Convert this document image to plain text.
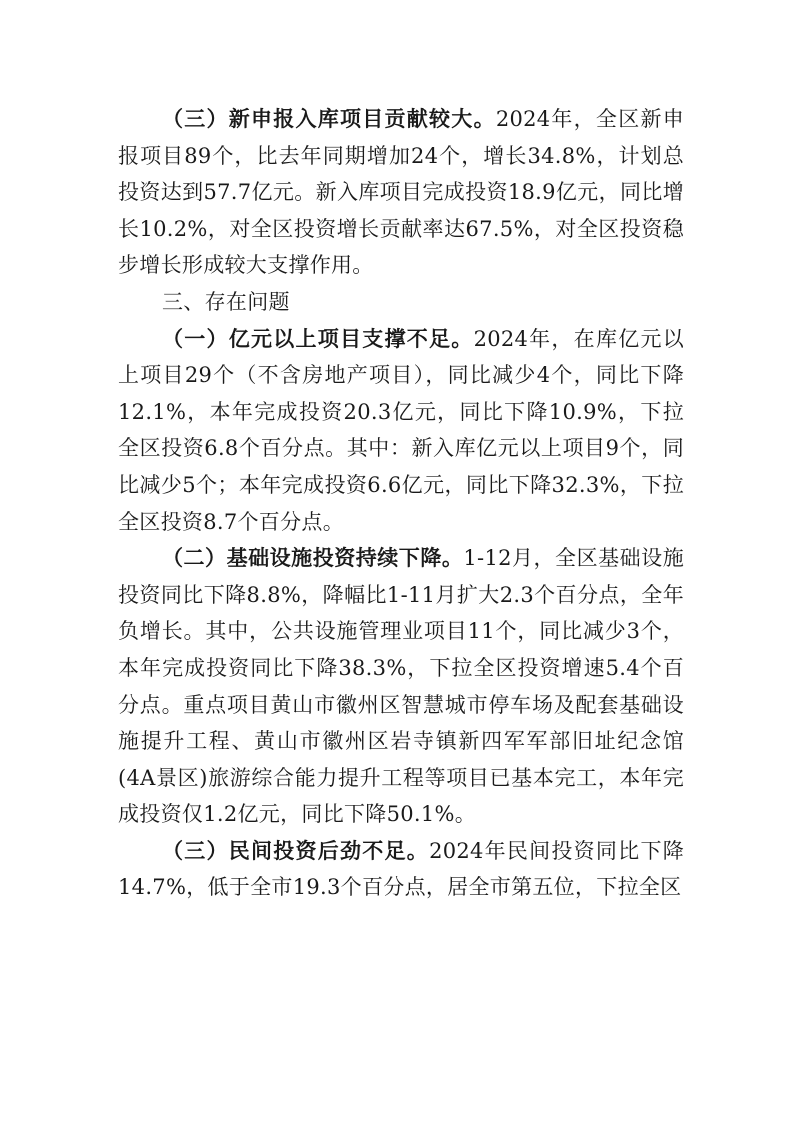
（三）新申报入库项目贡献较大。2024年，全区新申报项目89个，比去年同期增加24个，增长34.8%，计划总投资达到57.7亿元。新入库项目完成投资18.9亿元，同比增长10.2%，对全区投资增长贡献率达67.5%，对全区投资稳步增长形成较大支撑作用。

三、存在问题

（一）亿元以上项目支撑不足。2024年，在库亿元以上项目29个（不含房地产项目），同比减少4个，同比下降12.1%，本年完成投资20.3亿元，同比下降10.9%，下拉全区投资6.8个百分点。其中：新入库亿元以上项目9个，同比减少5个；本年完成投资6.6亿元，同比下降32.3%，下拉全区投资8.7个百分点。

（二）基础设施投资持续下降。1-12月，全区基础设施投资同比下降8.8%，降幅比1-11月扩大2.3个百分点，全年负增长。其中，公共设施管理业项目11个，同比减少3个，本年完成投资同比下降38.3%，下拉全区投资增速5.4个百分点。重点项目黄山市徽州区智慧城市停车场及配套基础设施提升工程、黄山市徽州区岩寺镇新四军军部旧址纪念馆(4A景区)旅游综合能力提升工程等项目已基本完工，本年完成投资仅1.2亿元，同比下降50.1%。

（三）民间投资后劲不足。2024年民间投资同比下降14.7%，低于全市19.3个百分点，居全市第五位，下拉全区
